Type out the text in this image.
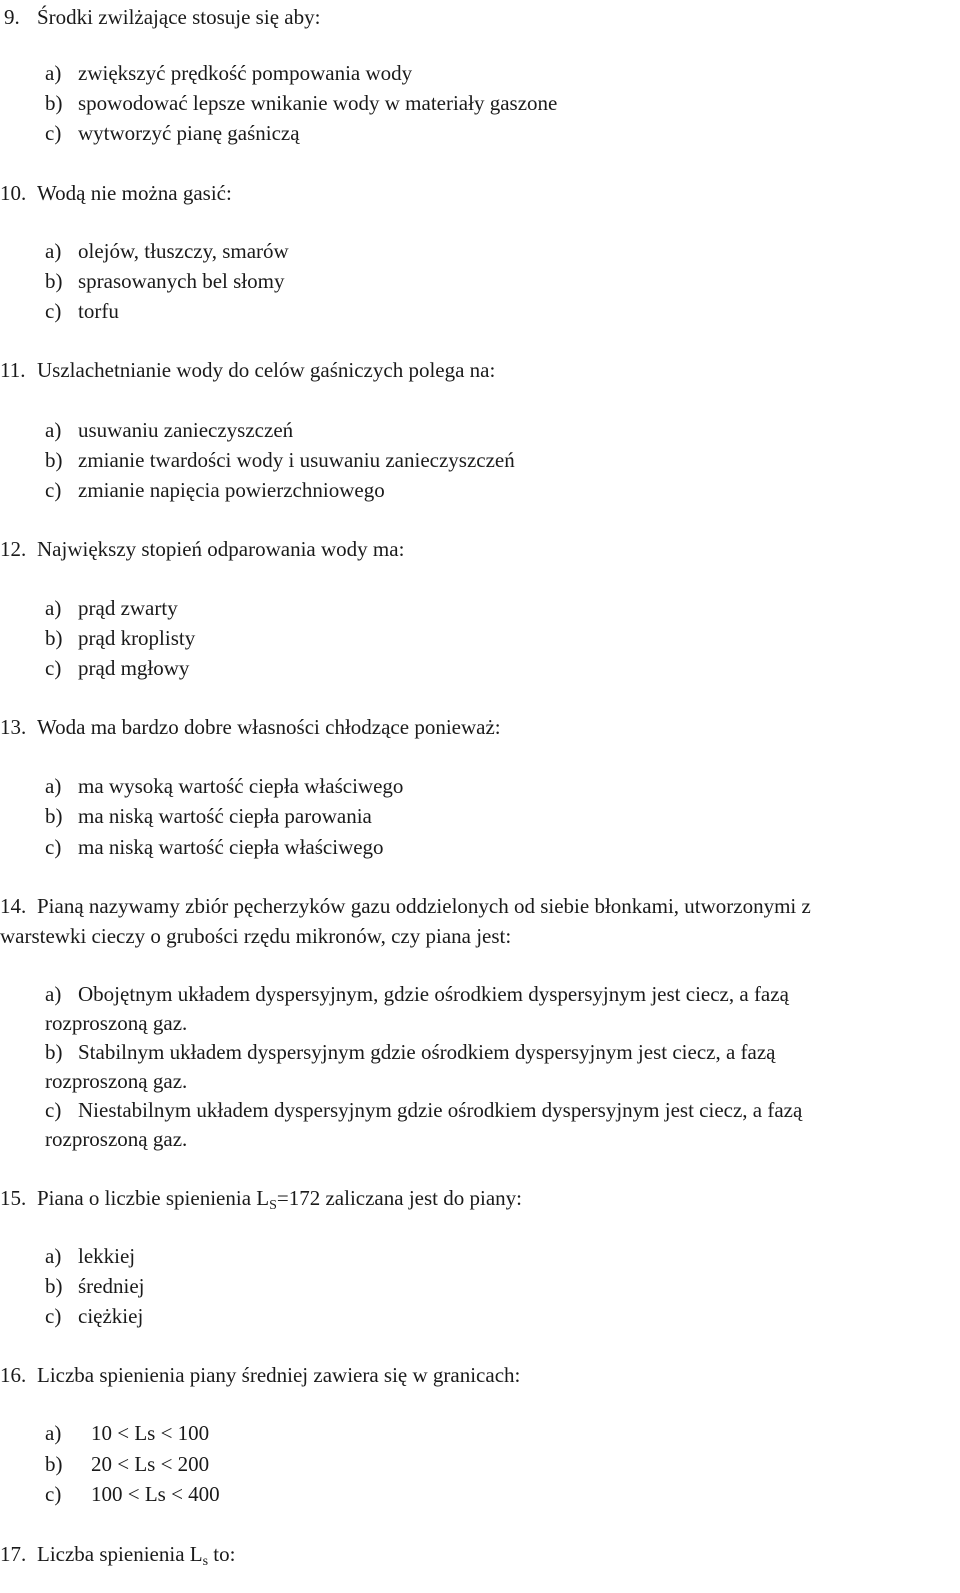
9. Środki zwilżające stosuje się aby:
a) zwiększyć prędkość pompowania wody
b) spowodować lepsze wnikanie wody w materiały gaszone
c) wytworzyć pianę gaśniczą
10. Wodą nie można gasić:
a) olejów, tłuszczy, smarów
b) sprasowanych bel słomy
c) torfu
11. Uszlachetnianie wody do celów gaśniczych polega na:
a) usuwaniu zanieczyszczeń
b) zmianie twardości wody i usuwaniu zanieczyszczeń
c) zmianie napięcia powierzchniowego
12. Największy stopień odparowania wody ma:
a) prąd zwarty
b) prąd kroplisty
c) prąd mgłowy
13. Woda ma bardzo dobre własności chłodzące ponieważ:
a) ma wysoką wartość ciepła właściwego
b) ma niską wartość ciepła parowania
c) ma niską wartość ciepła właściwego
14. Pianą nazywamy zbiór pęcherzyków gazu oddzielonych od siebie błonkami, utworzonymi z
warstewki cieczy o grubości rzędu mikronów, czy piana jest:
a) Obojętnym układem dyspersyjnym, gdzie ośrodkiem dyspersyjnym jest ciecz, a fazą
rozproszoną gaz.
b) Stabilnym układem dyspersyjnym gdzie ośrodkiem dyspersyjnym jest ciecz, a fazą
rozproszoną gaz.
c) Niestabilnym układem dyspersyjnym gdzie ośrodkiem dyspersyjnym jest ciecz, a fazą
rozproszoną gaz.
15. Piana o liczbie spienienia $L_S=172$ zaliczana jest do piany:
a) lekkiej
b) średniej
c) ciężkiej
16. Liczba spienienia piany średniej zawiera się w granicach:
a) 10 < Ls < 100
b) 20 < Ls < 200
c) 100 < Ls < 400
17. Liczba spienienia $L_s$ to:
